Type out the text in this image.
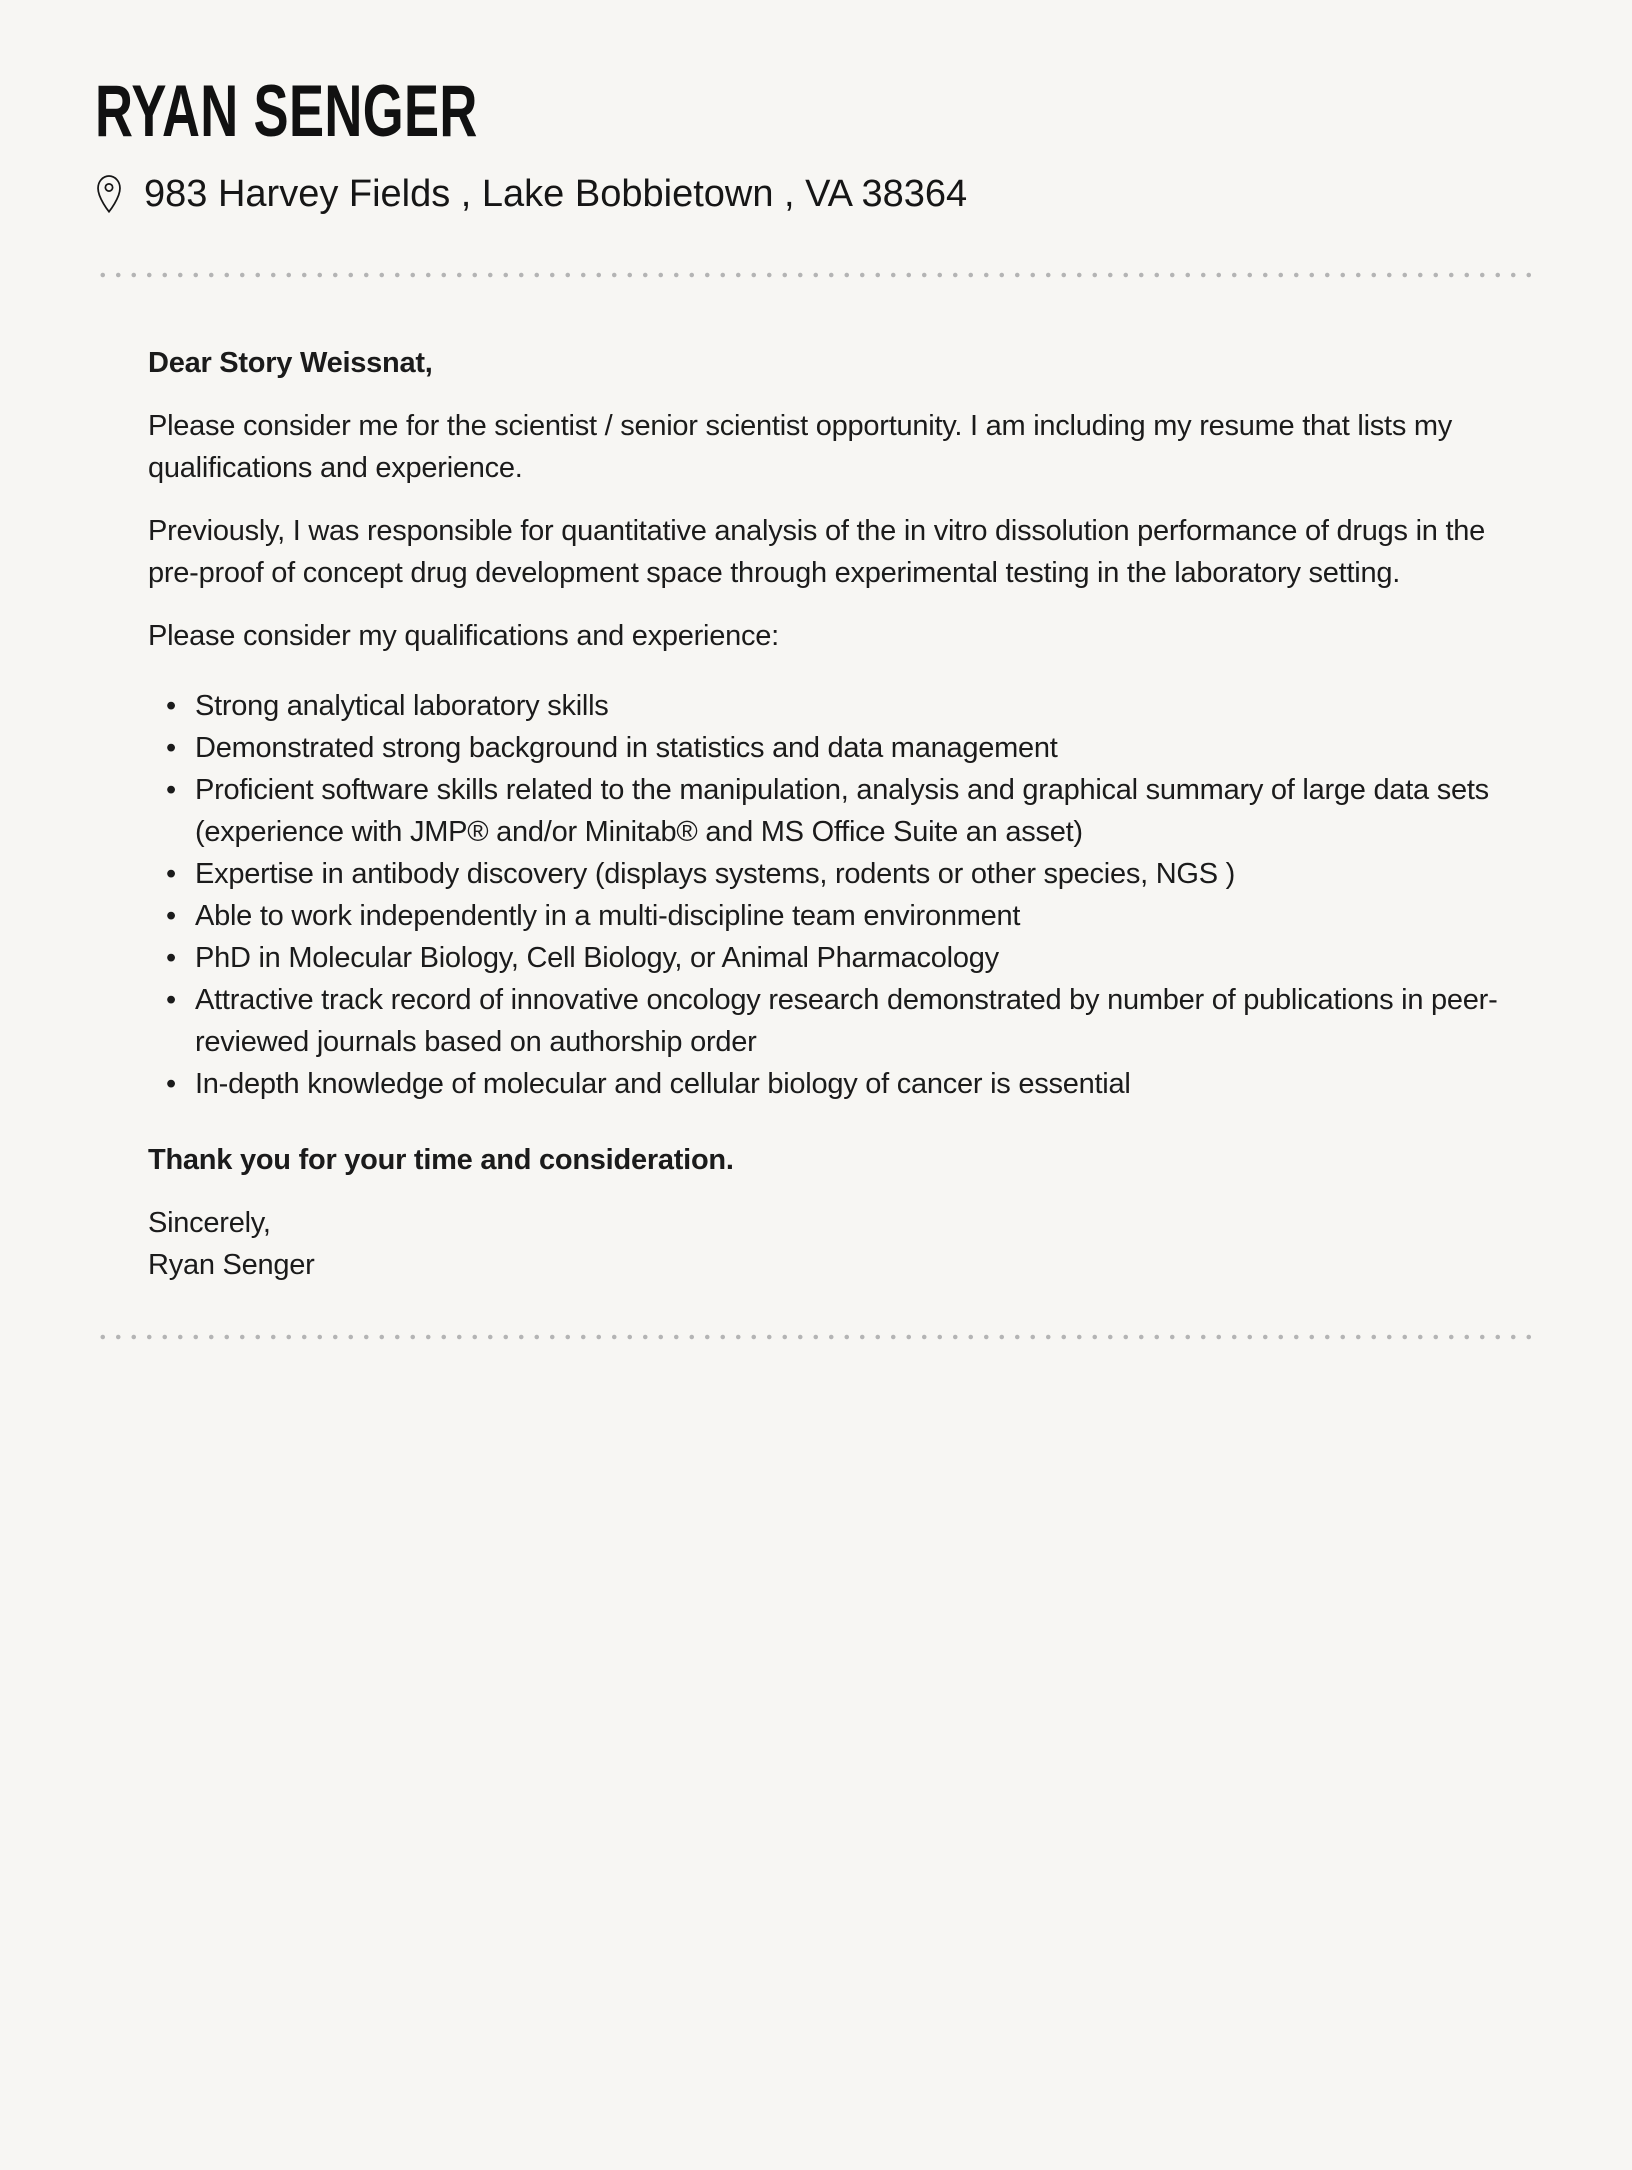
RYAN SENGER
983 Harvey Fields , Lake Bobbietown , VA 38364

Dear Story Weissnat,

Please consider me for the scientist / senior scientist opportunity. I am including my resume that lists my qualifications and experience.

Previously, I was responsible for quantitative analysis of the in vitro dissolution performance of drugs in the pre-proof of concept drug development space through experimental testing in the laboratory setting.

Please consider my qualifications and experience:

• Strong analytical laboratory skills
• Demonstrated strong background in statistics and data management
• Proficient software skills related to the manipulation, analysis and graphical summary of large data sets (experience with JMP® and/or Minitab® and MS Office Suite an asset)
• Expertise in antibody discovery (displays systems, rodents or other species, NGS )
• Able to work independently in a multi-discipline team environment
• PhD in Molecular Biology, Cell Biology, or Animal Pharmacology
• Attractive track record of innovative oncology research demonstrated by number of publications in peer-reviewed journals based on authorship order
• In-depth knowledge of molecular and cellular biology of cancer is essential

Thank you for your time and consideration.

Sincerely,
Ryan Senger
